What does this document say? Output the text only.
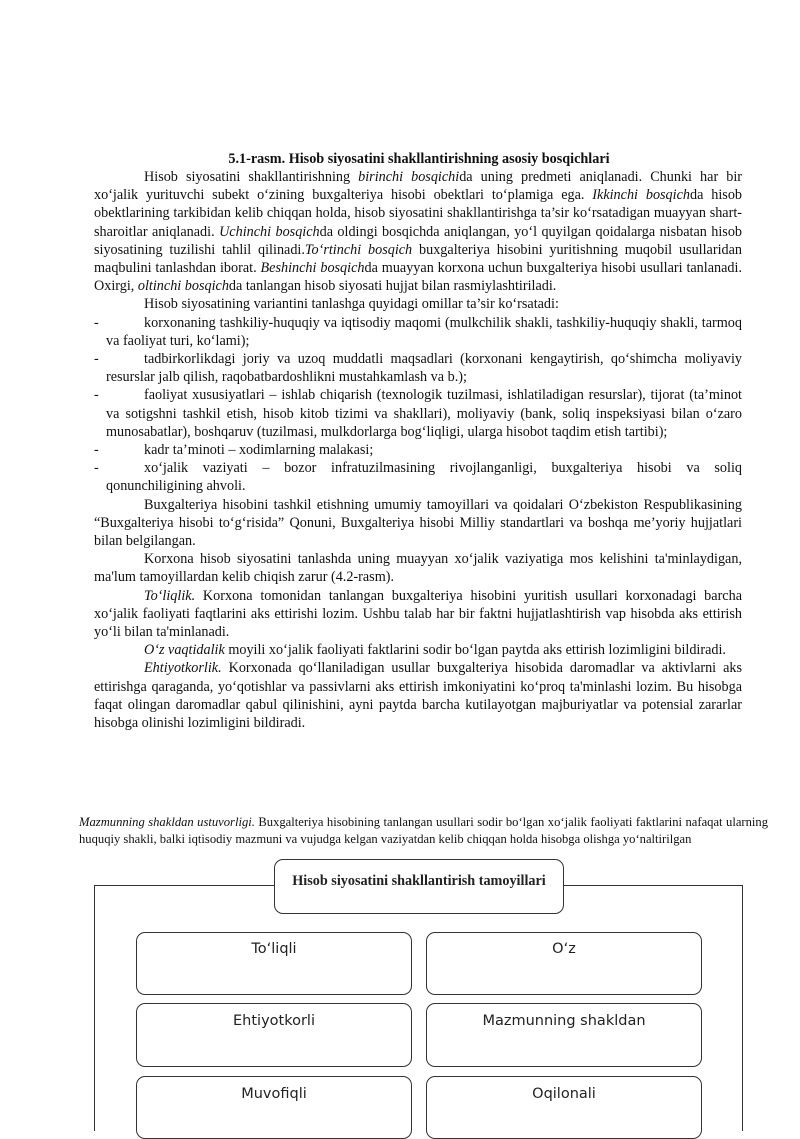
5.1-rasm. Hisob siyosatini shakllantirishning asosiy bosqichlari

Hisob siyosatini shakllantirishning birinchi bosqichida uning predmeti aniqlanadi. Chunki har bir xo‘jalik yurituvchi subekt o‘zining buxgalteriya hisobi obektlari to‘plamiga ega. Ikkinchi bosqichda hisob obektlarining tarkibidan kelib chiqqan holda, hisob siyosatini shakllantirishga ta’sir ko‘rsatadigan muayyan shart-sharoitlar aniqlanadi. Uchinchi bosqichda oldingi bosqichda aniqlangan, yo‘l quyilgan qoidalarga nisbatan hisob siyosatining tuzilishi tahlil qilinadi.To‘rtinchi bosqich buxgalteriya hisobini yuritishning muqobil usullaridan maqbulini tanlashdan iborat. Beshinchi bosqichda muayyan korxona uchun buxgalteriya hisobi usullari tanlanadi. Oxirgi, oltinchi bosqichda tanlangan hisob siyosati hujjat bilan rasmiylashtiriladi.

Hisob siyosatining variantini tanlashga quyidagi omillar ta’sir ko‘rsatadi:

-	korxonaning tashkiliy-huquqiy va iqtisodiy maqomi (mulkchilik shakli, tashkiliy-huquqiy shakli, tarmoq va faoliyat turi, ko‘lami);
-	tadbirkorlikdagi joriy va uzoq muddatli maqsadlari (korxonani kengaytirish, qo‘shimcha moliyaviy resurslar jalb qilish, raqobatbardoshlikni mustahkamlash va b.);
-	faoliyat xususiyatlari – ishlab chiqarish (texnologik tuzilmasi, ishlatiladigan resurslar), tijorat (ta’minot va sotigshni tashkil etish, hisob kitob tizimi va shakllari), moliyaviy (bank, soliq inspeksiyasi bilan o‘zaro munosabatlar), boshqaruv (tuzilmasi, mulkdorlarga bog‘liqligi, ularga hisobot taqdim etish tartibi);
-	kadr ta’minoti – xodimlarning malakasi;
-	xo‘jalik vaziyati – bozor infratuzilmasining rivojlanganligi, buxgalteriya hisobi va soliq qonunchiligining ahvoli.

Buxgalteriya hisobini tashkil etishning umumiy tamoyillari va qoidalari O‘zbekiston Respublikasining “Buxgalteriya hisobi to‘g‘risida” Qonuni, Buxgalteriya hisobi Milliy standartlari va boshqa me’yoriy hujjatlari bilan belgilangan.

Korxona hisob siyosatini tanlashda uning muayyan xo‘jalik vaziyatiga mos kelishini ta'minlaydigan, ma'lum tamoyillardan kelib chiqish zarur (4.2-rasm).

To‘liqlik. Korxona tomonidan tanlangan buxgalteriya hisobini yuritish usullari korxonadagi barcha xo‘jalik faoliyati faqtlarini aks ettirishi lozim. Ushbu talab har bir faktni hujjatlashtirish vap hisobda aks ettirish yo‘li bilan ta'minlanadi.

O‘z vaqtidalik moyili xo‘jalik faoliyati faktlarini sodir bo‘lgan paytda aks ettirish lozimligini bildiradi.

Ehtiyotkorlik. Korxonada qo‘llaniladigan usullar buxgalteriya hisobida daromadlar va aktivlarni aks ettirishga qaraganda, yo‘qotishlar va passivlarni aks ettirish imkoniyatini ko‘proq ta'minlashi lozim. Bu hisobga faqat olingan daromadlar qabul qilinishini, ayni paytda barcha kutilayotgan majburiyatlar va potensial zararlar hisobga olinishi lozimligini bildiradi.

Mazmunning shakldan ustuvorligi. Buxgalteriya hisobining tanlangan usullari sodir bo‘lgan xo‘jalik faoliyati faktlarini nafaqat ularning huquqiy shakli, balki iqtisodiy mazmuni va vujudga kelgan vaziyatdan kelib chiqqan holda hisobga olishga yo‘naltirilgan

Hisob siyosatini shakllantirish tamoyillari
To‘liqli	O‘z
Ehtiyotkorli	Mazmunning shakldan
Muvofiqli	Oqilonali
